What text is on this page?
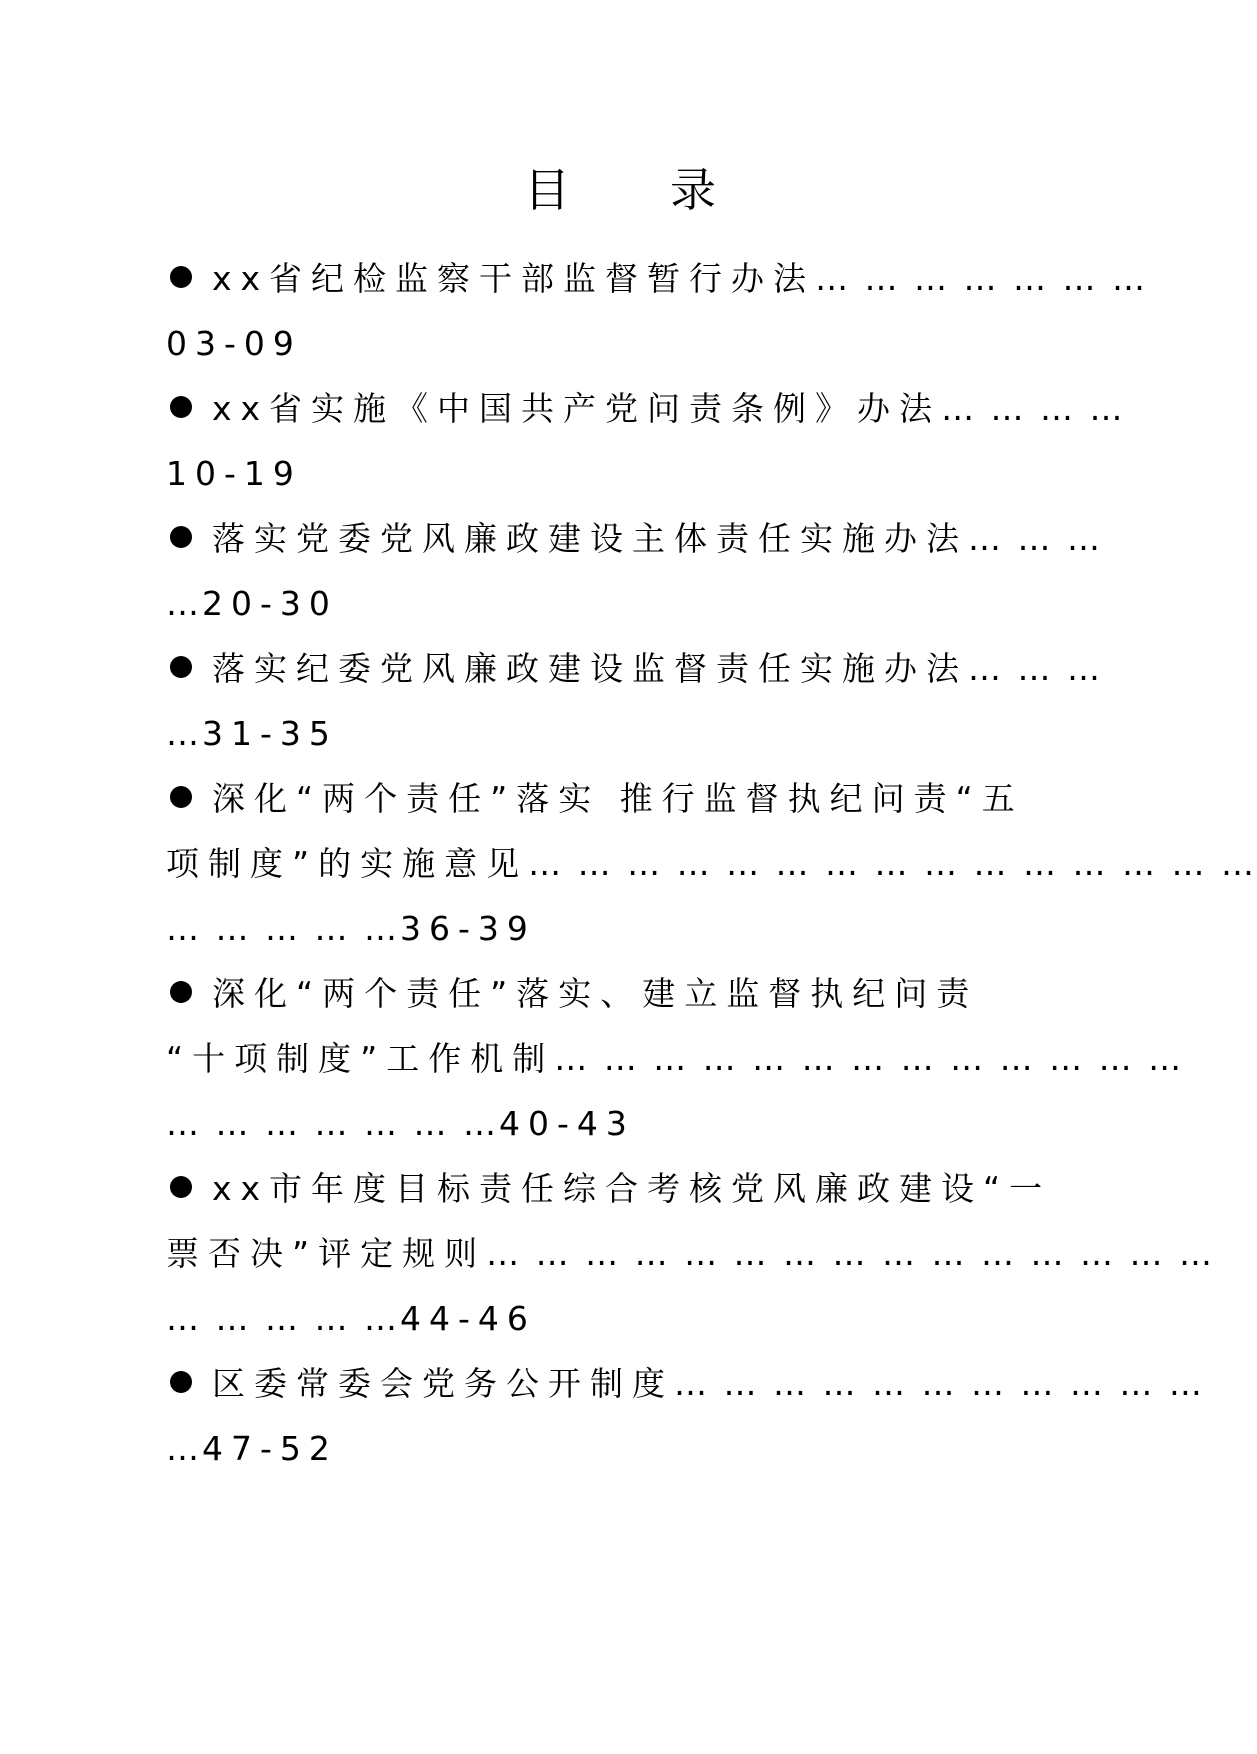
目 录
xx省纪检监察干部监督暂行办法… … … … … … …
03-09
xx省实施《中国共产党问责条例》办法… … … …
10-19
落实党委党风廉政建设主体责任实施办法… … …
…20-30
落实纪委党风廉政建设监督责任实施办法… … …
…31-35
深化“两个责任”落实 推行监督执纪问责“五
项制度”的实施意见… … … … … … … … … … … … … … …
… … … … …36-39
深化“两个责任”落实、建立监督执纪问责
“十项制度”工作机制… … … … … … … … … … … … …
… … … … … … …40-43
xx市年度目标责任综合考核党风廉政建设“一
票否决”评定规则… … … … … … … … … … … … … … …
… … … … …44-46
区委常委会党务公开制度… … … … … … … … … … …
…47-52
